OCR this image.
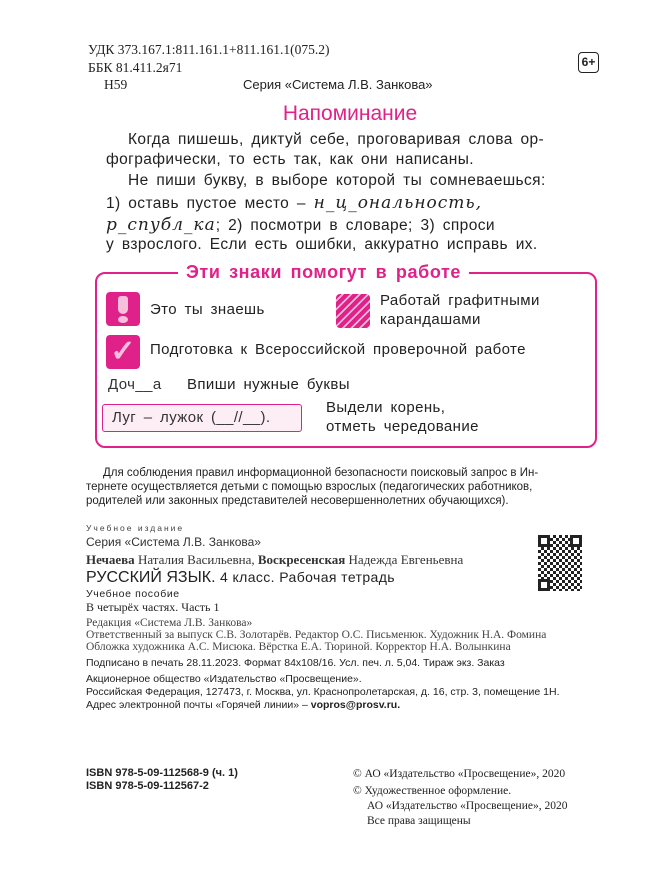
УДК 373.167.1:811.161.1+811.161.1(075.2)
ББК 81.411.2я71
Н59	Серия «Система Л.В. Занкова»
6+
Напоминание
Когда пишешь, диктуй себе, проговаривая слова ор-
фографически, то есть так, как они написаны.
Не пиши букву, в выборе которой ты сомневаешься:
1) оставь пустое место – н_ц_ональность,
р_спубл_ка; 2) посмотри в словаре; 3) спроси
у взрослого. Если есть ошибки, аккуратно исправь их.
Эти знаки помогут в работе
Это ты знаешь
Работай графитными
карандашами
✓ Подготовка к Всероссийской проверочной работе
Доч__а Впиши нужные буквы
Луг – лужок (__//__).
Выдели корень,
отметь чередование
Для соблюдения правил информационной безопасности поисковый запрос в Ин-
тернете осуществляется детьми с помощью взрослых (педагогических работников,
родителей или законных представителей несовершеннолетних обучающихся).
Учебное издание
Серия «Система Л.В. Занкова»
Нечаева Наталия Васильевна, Воскресенская Надежда Евгеньевна
РУССКИЙ ЯЗЫК. 4 класс. Рабочая тетрадь
Учебное пособие
В четырёх частях. Часть 1
Редакция «Система Л.В. Занкова»
Ответственный за выпуск С.В. Золотарёв. Редактор О.С. Письменюк. Художник Н.А. Фомина
Обложка художника А.С. Мисюка. Вёрстка Е.А. Тюриной. Корректор Н.А. Волынкина
Подписано в печать 28.11.2023. Формат 84x108/16. Усл. печ. л. 5,04. Тираж экз. Заказ
Акционерное общество «Издательство «Просвещение».
Российская Федерация, 127473, г. Москва, ул. Краснопролетарская, д. 16, стр. 3, помещение 1Н.
Адрес электронной почты «Горячей линии» – vopros@prosv.ru.
ISBN 978-5-09-112568-9 (ч. 1)
ISBN 978-5-09-112567-2
© АО «Издательство «Просвещение», 2020
© Художественное оформление.
АО «Издательство «Просвещение», 2020
Все права защищены
